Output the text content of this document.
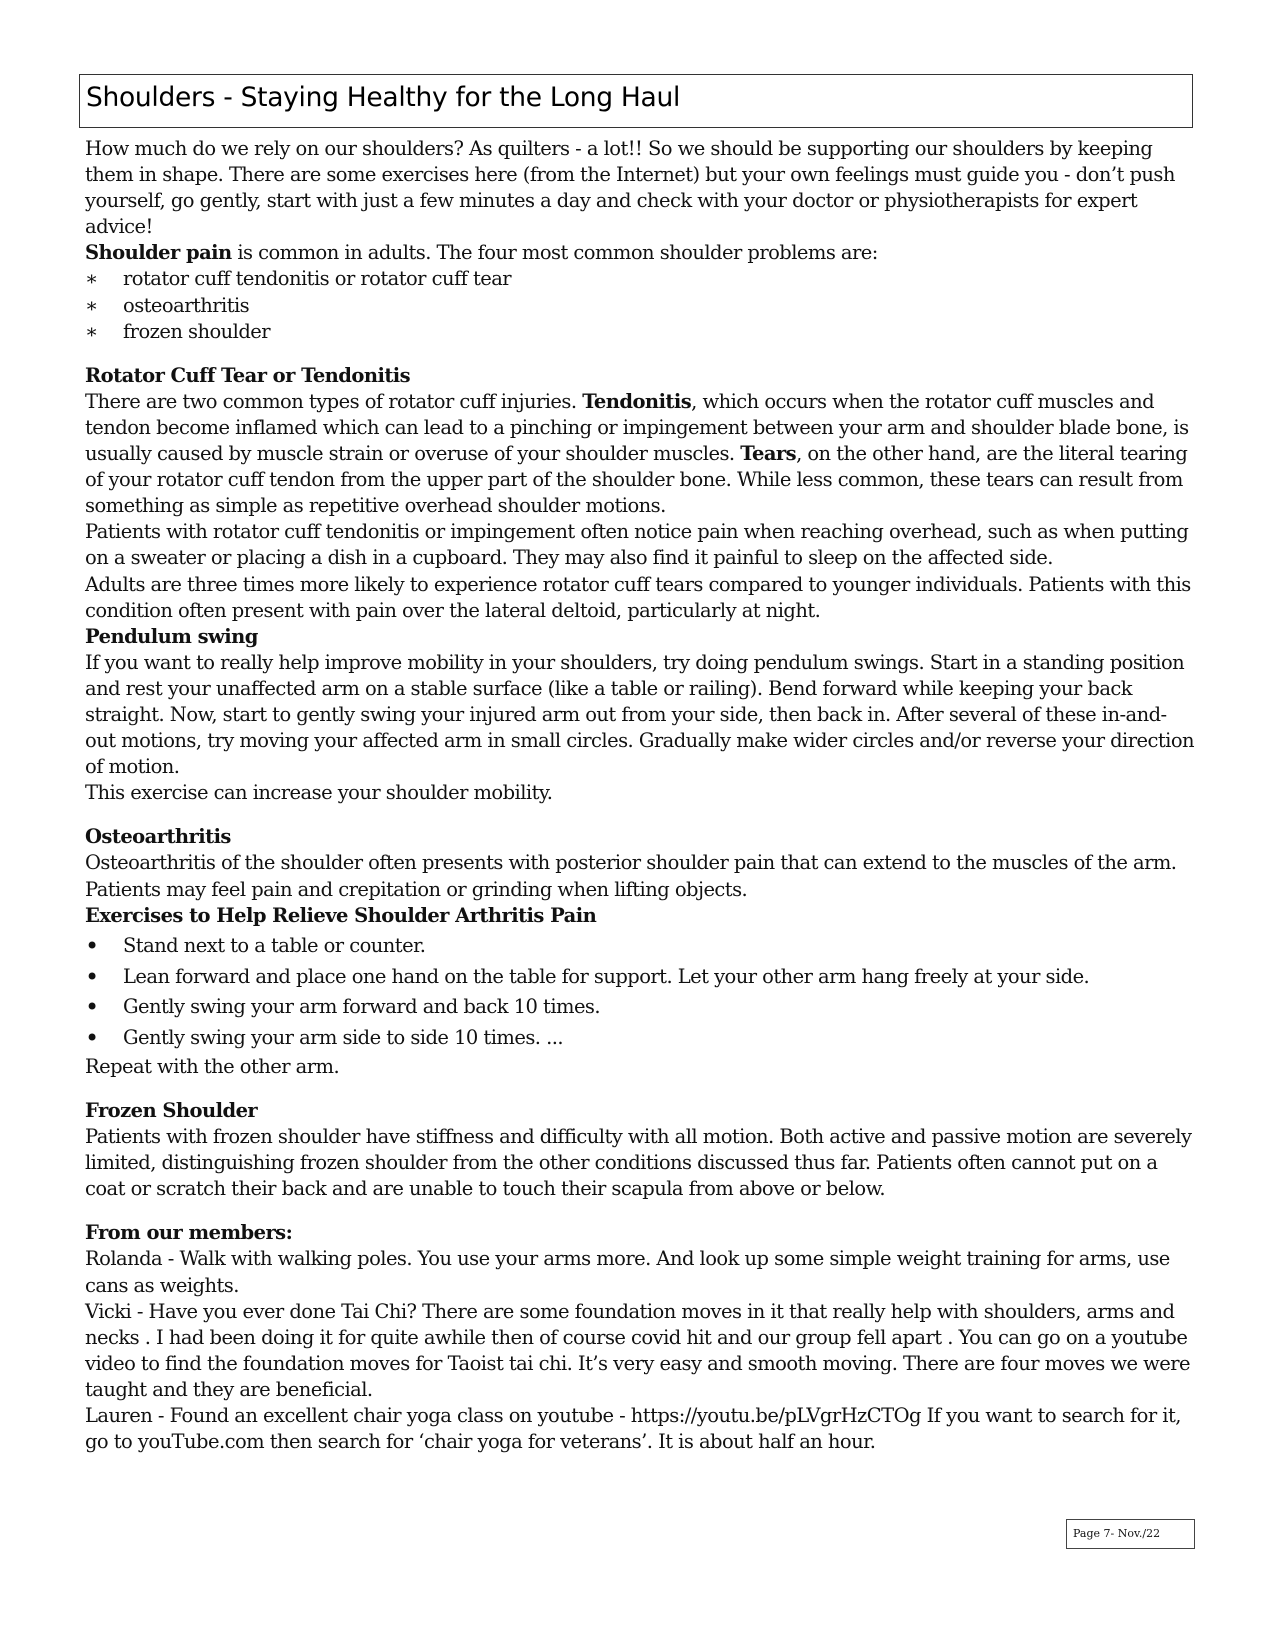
Shoulders - Staying Healthy for the Long Haul

How much do we rely on our shoulders? As quilters - a lot!! So we should be supporting our shoulders by keeping them in shape. There are some exercises here (from the Internet) but your own feelings must guide you - don’t push yourself, go gently, start with just a few minutes a day and check with your doctor or physiotherapists for expert advice!

Shoulder pain is common in adults. The four most common shoulder problems are:

∗ rotator cuff tendonitis or rotator cuff tear
∗ osteoarthritis
∗ frozen shoulder

Rotator Cuff Tear or Tendonitis

There are two common types of rotator cuff injuries. Tendonitis, which occurs when the rotator cuff muscles and tendon become inflamed which can lead to a pinching or impingement between your arm and shoulder blade bone, is usually caused by muscle strain or overuse of your shoulder muscles. Tears, on the other hand, are the literal tearing of your rotator cuff tendon from the upper part of the shoulder bone. While less common, these tears can result from something as simple as repetitive overhead shoulder motions.

Patients with rotator cuff tendonitis or impingement often notice pain when reaching overhead, such as when putting on a sweater or placing a dish in a cupboard. They may also find it painful to sleep on the affected side.

Adults are three times more likely to experience rotator cuff tears compared to younger individuals. Patients with this condition often present with pain over the lateral deltoid, particularly at night.

Pendulum swing

If you want to really help improve mobility in your shoulders, try doing pendulum swings. Start in a standing position and rest your unaffected arm on a stable surface (like a table or railing). Bend forward while keeping your back straight. Now, start to gently swing your injured arm out from your side, then back in. After several of these in-and-out motions, try moving your affected arm in small circles. Gradually make wider circles and/or reverse your direction of motion.

This exercise can increase your shoulder mobility.

Osteoarthritis

Osteoarthritis of the shoulder often presents with posterior shoulder pain that can extend to the muscles of the arm. Patients may feel pain and crepitation or grinding when lifting objects.

Exercises to Help Relieve Shoulder Arthritis Pain

• Stand next to a table or counter.
• Lean forward and place one hand on the table for support. Let your other arm hang freely at your side.
• Gently swing your arm forward and back 10 times.
• Gently swing your arm side to side 10 times. ...

Repeat with the other arm.

Frozen Shoulder

Patients with frozen shoulder have stiffness and difficulty with all motion. Both active and passive motion are severely limited, distinguishing frozen shoulder from the other conditions discussed thus far. Patients often cannot put on a coat or scratch their back and are unable to touch their scapula from above or below.

From our members:

Rolanda - Walk with walking poles. You use your arms more. And look up some simple weight training for arms, use cans as weights.

Vicki - Have you ever done Tai Chi? There are some foundation moves in it that really help with shoulders, arms and necks . I had been doing it for quite awhile then of course covid hit and our group fell apart . You can go on a youtube video to find the foundation moves for Taoist tai chi. It’s very easy and smooth moving. There are four moves we were taught and they are beneficial.

Lauren - Found an excellent chair yoga class on youtube - https://youtu.be/pLVgrHzCTOg If you want to search for it, go to youTube.com then search for ‘chair yoga for veterans’. It is about half an hour.

Page 7- Nov./22
